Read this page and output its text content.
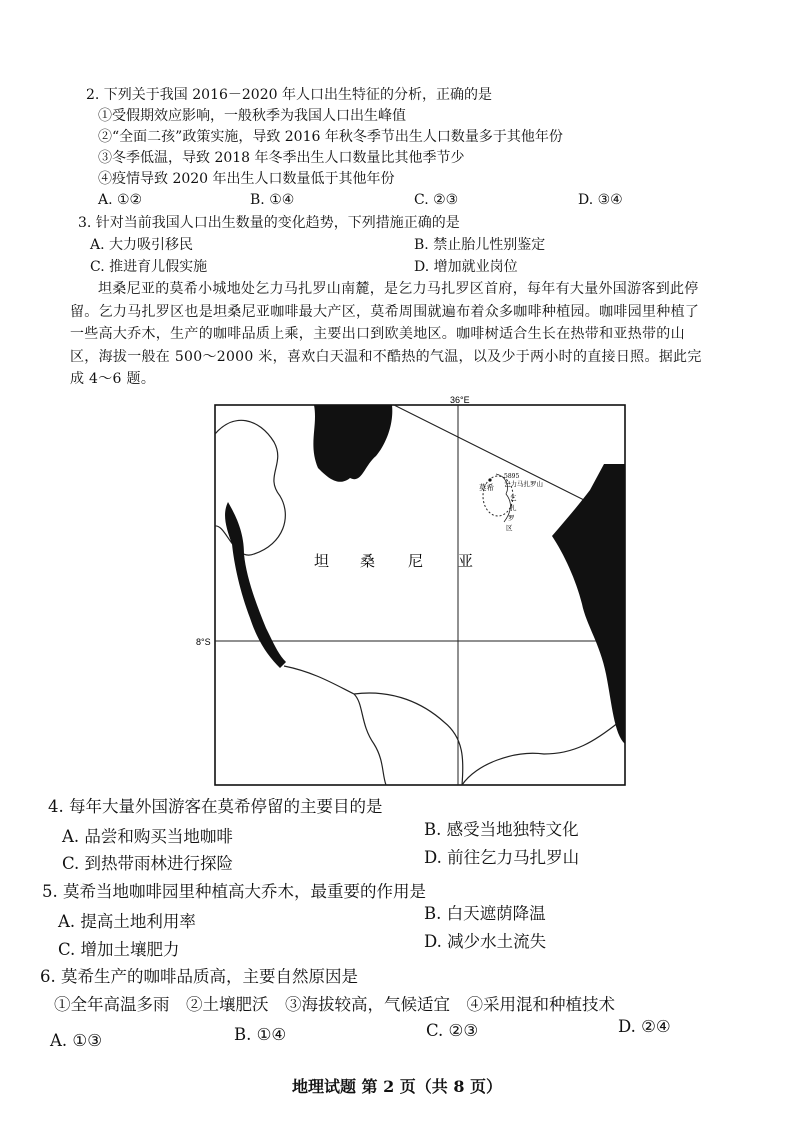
2. 下列关于我国 2016－2020 年人口出生特征的分析，正确的是
①受假期效应影响，一般秋季为我国人口出生峰值
②“全面二孩”政策实施，导致 2016 年秋冬季节出生人口数量多于其他年份
③冬季低温，导致 2018 年冬季出生人口数量比其他季节少
④疫情导致 2020 年出生人口数量低于其他年份
A. ①②	B. ①④	C. ②③	D. ③④
3. 针对当前我国人口出生数量的变化趋势，下列措施正确的是
A. 大力吸引移民	B. 禁止胎儿性别鉴定
C. 推进育儿假实施	D. 增加就业岗位
坦桑尼亚的莫希小城地处乞力马扎罗山南麓，是乞力马扎罗区首府，每年有大量外国游客到此停留。乞力马扎罗区也是坦桑尼亚咖啡最大产区，莫希周围就遍布着众多咖啡种植园。咖啡园里种植了一些高大乔木，生产的咖啡品质上乘，主要出口到欧美地区。咖啡树适合生长在热带和亚热带的山区，海拔一般在 500～2000 米，喜欢白天温和不酷热的气温，以及少于两小时的直接日照。据此完成 4～6 题。
36°E
8°S
坦 桑 尼 亚
5895
乞力马扎罗山
莫希
乞
扎
罗
区
4. 每年大量外国游客在莫希停留的主要目的是
A. 品尝和购买当地咖啡	B. 感受当地独特文化
C. 到热带雨林进行探险	D. 前往乞力马扎罗山
5. 莫希当地咖啡园里种植高大乔木，最重要的作用是
A. 提高土地利用率	B. 白天遮荫降温
C. 增加土壤肥力	D. 减少水土流失
6. 莫希生产的咖啡品质高，主要自然原因是
①全年高温多雨　②土壤肥沃　③海拔较高，气候适宜　④采用混和种植技术
A. ①③	B. ①④	C. ②③	D. ②④
地理试题 第 2 页（共 8 页）
